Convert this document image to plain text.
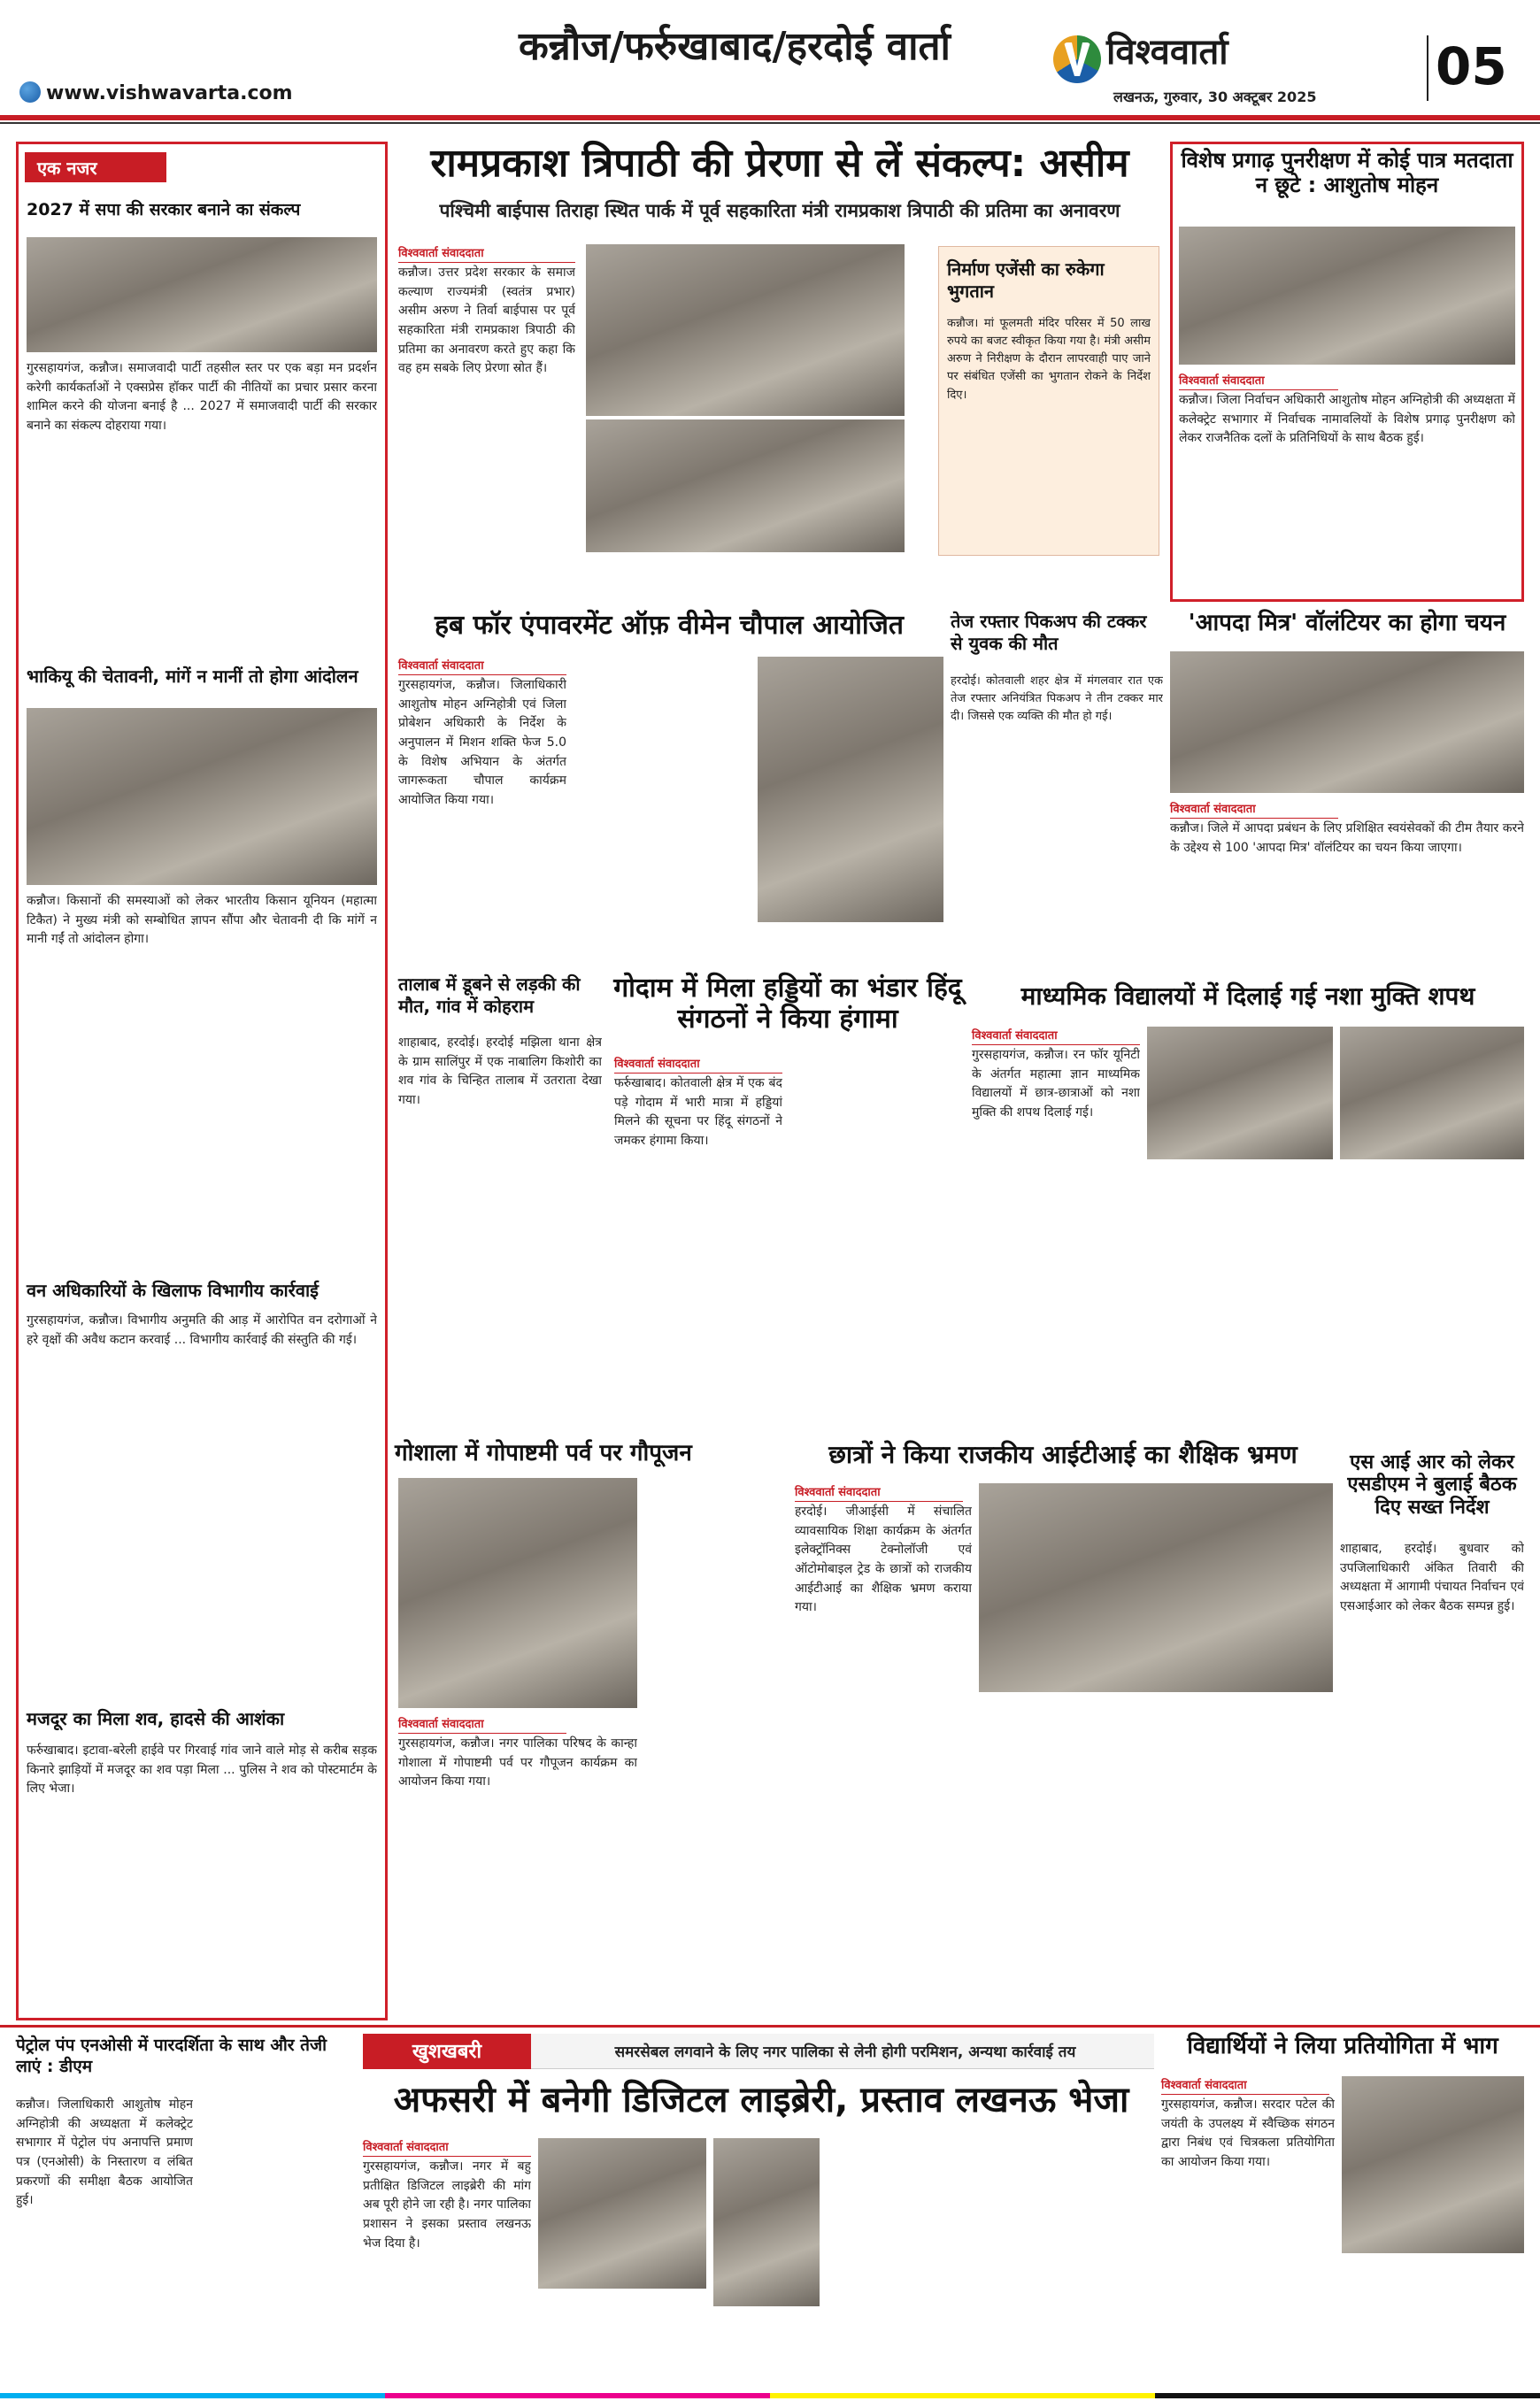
कन्नौज/फर्रुखाबाद/हरदोई वार्ता
www.vishwavarta.com
विश्ववार्ता
लखनऊ, गुरुवार, 30 अक्टूबर 2025
05
एक नजर
2027 में सपा की सरकार बनाने का संकल्प
गुरसहायगंज, कन्नौज। समाजवादी पार्टी तहसील स्तर पर एक बड़ा मन प्रदर्शन करेगी कार्यकर्ताओं ने एक्सप्रेस हॉकर पार्टी की नीतियों का प्रचार प्रसार करना शामिल करने की योजना बनाई है ... 2027 में समाजवादी पार्टी की सरकार बनाने का संकल्प दोहराया गया।
भाकियू की चेतावनी, मांगें न मानीं तो होगा आंदोलन
कन्नौज। किसानों की समस्याओं को लेकर भारतीय किसान यूनियन (महात्मा टिकैत) ने मुख्य मंत्री को सम्बोधित ज्ञापन सौंपा और चेतावनी दी कि मांगें न मानी गईं तो आंदोलन होगा।
वन अधिकारियों के खिलाफ विभागीय कार्रवाई
गुरसहायगंज, कन्नौज। विभागीय अनुमति की आड़ में आरोपित वन दरोगाओं ने हरे वृक्षों की अवैध कटान करवाई ... विभागीय कार्रवाई की संस्तुति की गई।
मजदूर का मिला शव, हादसे की आशंका
फर्रुखाबाद। इटावा-बरेली हाईवे पर गिरवाई गांव जाने वाले मोड़ से करीब सड़क किनारे झाड़ियों में मजदूर का शव पड़ा मिला ... पुलिस ने शव को पोस्टमार्टम के लिए भेजा।
रामप्रकाश त्रिपाठी की प्रेरणा से लें संकल्प: असीम
पश्चिमी बाईपास तिराहा स्थित पार्क में पूर्व सहकारिता मंत्री रामप्रकाश त्रिपाठी की प्रतिमा का अनावरण
विश्ववार्ता संवाददाता
कन्नौज। उत्तर प्रदेश सरकार के समाज कल्याण राज्यमंत्री (स्वतंत्र प्रभार) असीम अरुण ने तिर्वा बाईपास पर पूर्व सहकारिता मंत्री रामप्रकाश त्रिपाठी की प्रतिमा का अनावरण करते हुए कहा कि वह हम सबके लिए प्रेरणा स्रोत हैं।
निर्माण एजेंसी का रुकेगा भुगतान
कन्नौज। मां फूलमती मंदिर परिसर में 50 लाख रुपये का बजट स्वीकृत किया गया है। मंत्री असीम अरुण ने निरीक्षण के दौरान लापरवाही पाए जाने पर संबंधित एजेंसी का भुगतान रोकने के निर्देश दिए।
विशेष प्रगाढ़ पुनरीक्षण में कोई पात्र मतदाता न छूटे : आशुतोष मोहन
विश्ववार्ता संवाददाता
कन्नौज। जिला निर्वाचन अधिकारी आशुतोष मोहन अग्निहोत्री की अध्यक्षता में कलेक्ट्रेट सभागार में निर्वाचक नामावलियों के विशेष प्रगाढ़ पुनरीक्षण को लेकर राजनैतिक दलों के प्रतिनिधियों के साथ बैठक हुई।
हब फॉर एंपावरमेंट ऑफ़ वीमेन चौपाल आयोजित
विश्ववार्ता संवाददाता
गुरसहायगंज, कन्नौज। जिलाधिकारी आशुतोष मोहन अग्निहोत्री एवं जिला प्रोबेशन अधिकारी के निर्देश के अनुपालन में मिशन शक्ति फेज 5.0 के विशेष अभियान के अंतर्गत जागरूकता चौपाल कार्यक्रम आयोजित किया गया।
तेज रफ्तार पिकअप की टक्कर से युवक की मौत
हरदोई। कोतवाली शहर क्षेत्र में मंगलवार रात एक तेज रफ्तार अनियंत्रित पिकअप ने तीन टक्कर मार दी। जिससे एक व्यक्ति की मौत हो गई।
'आपदा मित्र' वॉलंटियर का होगा चयन
विश्ववार्ता संवाददाता
कन्नौज। जिले में आपदा प्रबंधन के लिए प्रशिक्षित स्वयंसेवकों की टीम तैयार करने के उद्देश्य से 100 'आपदा मित्र' वॉलंटियर का चयन किया जाएगा।
तालाब में डूबने से लड़की की मौत, गांव में कोहराम
शाहाबाद, हरदोई। हरदोई मझिला थाना क्षेत्र के ग्राम सालिंपुर में एक नाबालिग किशोरी का शव गांव के चिन्हित तालाब में उतराता देखा गया।
गोदाम में मिला हड्डियों का भंडार हिंदू संगठनों ने किया हंगामा
विश्ववार्ता संवाददाता
फर्रुखाबाद। कोतवाली क्षेत्र में एक बंद पड़े गोदाम में भारी मात्रा में हड्डियां मिलने की सूचना पर हिंदू संगठनों ने जमकर हंगामा किया।
माध्यमिक विद्यालयों में दिलाई गई नशा मुक्ति शपथ
विश्ववार्ता संवाददाता
गुरसहायगंज, कन्नौज। रन फॉर यूनिटी के अंतर्गत महात्मा ज्ञान माध्यमिक विद्यालयों में छात्र-छात्राओं को नशा मुक्ति की शपथ दिलाई गई।
गोशाला में गोपाष्टमी पर्व पर गौपूजन
विश्ववार्ता संवाददाता
गुरसहायगंज, कन्नौज। नगर पालिका परिषद के कान्हा गोशाला में गोपाष्टमी पर्व पर गौपूजन कार्यक्रम का आयोजन किया गया।
छात्रों ने किया राजकीय आईटीआई का शैक्षिक भ्रमण
विश्ववार्ता संवाददाता
हरदोई। जीआईसी में संचालित व्यावसायिक शिक्षा कार्यक्रम के अंतर्गत इलेक्ट्रॉनिक्स टेक्नोलॉजी एवं ऑटोमोबाइल ट्रेड के छात्रों को राजकीय आईटीआई का शैक्षिक भ्रमण कराया गया।
एस आई आर को लेकर एसडीएम ने बुलाई बैठक दिए सख्त निर्देश
शाहाबाद, हरदोई। बुधवार को उपजिलाधिकारी अंकित तिवारी की अध्यक्षता में आगामी पंचायत निर्वाचन एवं एसआईआर को लेकर बैठक सम्पन्न हुई।
पेट्रोल पंप एनओसी में पारदर्शिता के साथ और तेजी लाएं : डीएम
कन्नौज। जिलाधिकारी आशुतोष मोहन अग्निहोत्री की अध्यक्षता में कलेक्ट्रेट सभागार में पेट्रोल पंप अनापत्ति प्रमाण पत्र (एनओसी) के निस्तारण व लंबित प्रकरणों की समीक्षा बैठक आयोजित हुई।
खुशखबरी	समरसेबल लगवाने के लिए नगर पालिका से लेनी होगी परमिशन, अन्यथा कार्रवाई तय
अफसरी में बनेगी डिजिटल लाइब्रेरी, प्रस्ताव लखनऊ भेजा
विश्ववार्ता संवाददाता
गुरसहायगंज, कन्नौज। नगर में बहु प्रतीक्षित डिजिटल लाइब्रेरी की मांग अब पूरी होने जा रही है। नगर पालिका प्रशासन ने इसका प्रस्ताव लखनऊ भेज दिया है।
विद्यार्थियों ने लिया प्रतियोगिता में भाग
विश्ववार्ता संवाददाता
गुरसहायगंज, कन्नौज। सरदार पटेल की जयंती के उपलक्ष्य में स्वैच्छिक संगठन द्वारा निबंध एवं चित्रकला प्रतियोगिता का आयोजन किया गया।
